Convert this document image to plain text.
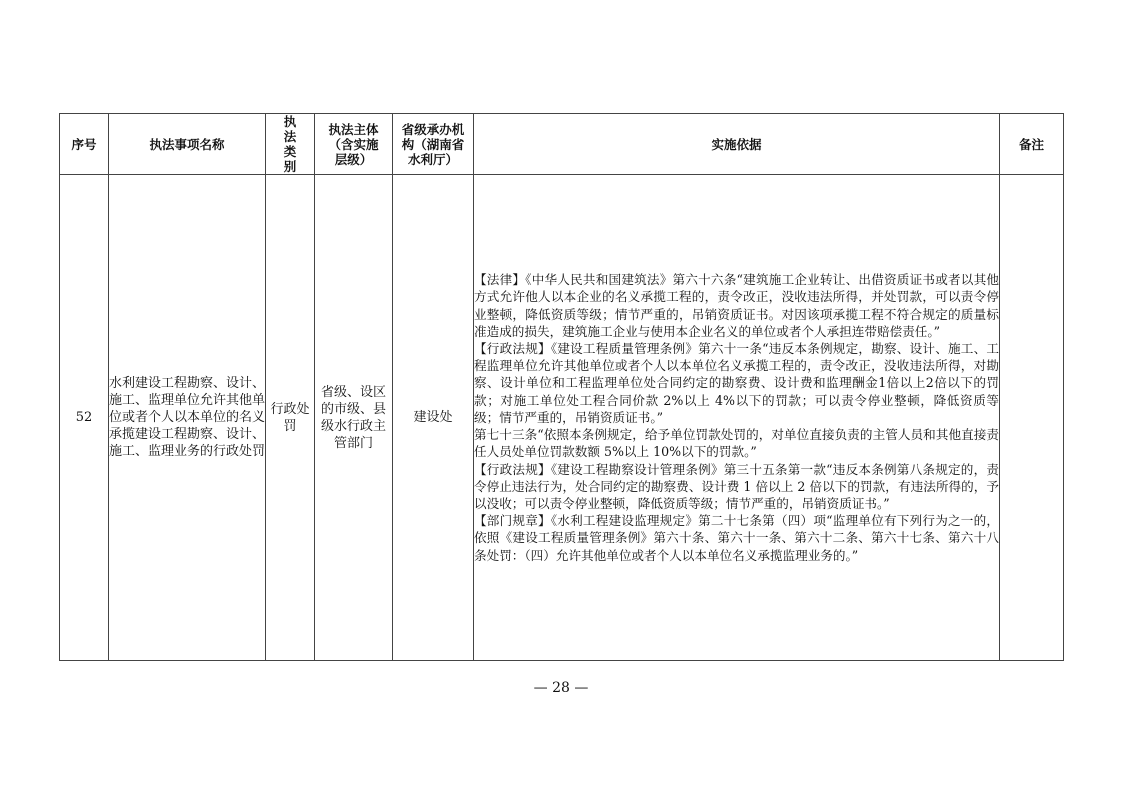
序号	执法事项名称	执法类别	执法主体（含实施层级）	省级承办机构（湖南省水利厅）	实施依据	备注
52	水利建设工程勘察、设计、施工、监理单位允许其他单位或者个人以本单位的名义承揽建设工程勘察、设计、施工、监理业务的行政处罚	行政处罚	省级、设区的市级、县级水行政主管部门	建设处	【法律】《中华人民共和国建筑法》第六十六条“建筑施工企业转让、出借资质证书或者以其他方式允许他人以本企业的名义承揽工程的，责令改正，没收违法所得，并处罚款，可以责令停业整顿，降低资质等级；情节严重的，吊销资质证书。对因该项承揽工程不符合规定的质量标准造成的损失，建筑施工企业与使用本企业名义的单位或者个人承担连带赔偿责任。”

【行政法规】《建设工程质量管理条例》第六十一条“违反本条例规定，勘察、设计、施工、工程监理单位允许其他单位或者个人以本单位名义承揽工程的，责令改正，没收违法所得，对勘察、设计单位和工程监理单位处合同约定的勘察费、设计费和监理酬金1倍以上2倍以下的罚款；对施工单位处工程合同价款 2%以上 4%以下的罚款；可以责令停业整顿，降低资质等级；情节严重的，吊销资质证书。”

第七十三条“依照本条例规定，给予单位罚款处罚的，对单位直接负责的主管人员和其他直接责任人员处单位罚款数额 5%以上 10%以下的罚款。”

【行政法规】《建设工程勘察设计管理条例》第三十五条第一款“违反本条例第八条规定的，责令停止违法行为，处合同约定的勘察费、设计费 1 倍以上 2 倍以下的罚款，有违法所得的，予以没收；可以责令停业整顿，降低资质等级；情节严重的，吊销资质证书。”

【部门规章】《水利工程建设监理规定》第二十七条第（四）项“监理单位有下列行为之一的，依照《建设工程质量管理条例》第六十条、第六十一条、第六十二条、第六十七条、第六十八条处罚：（四）允许其他单位或者个人以本单位名义承揽监理业务的。”	

— 28 —
